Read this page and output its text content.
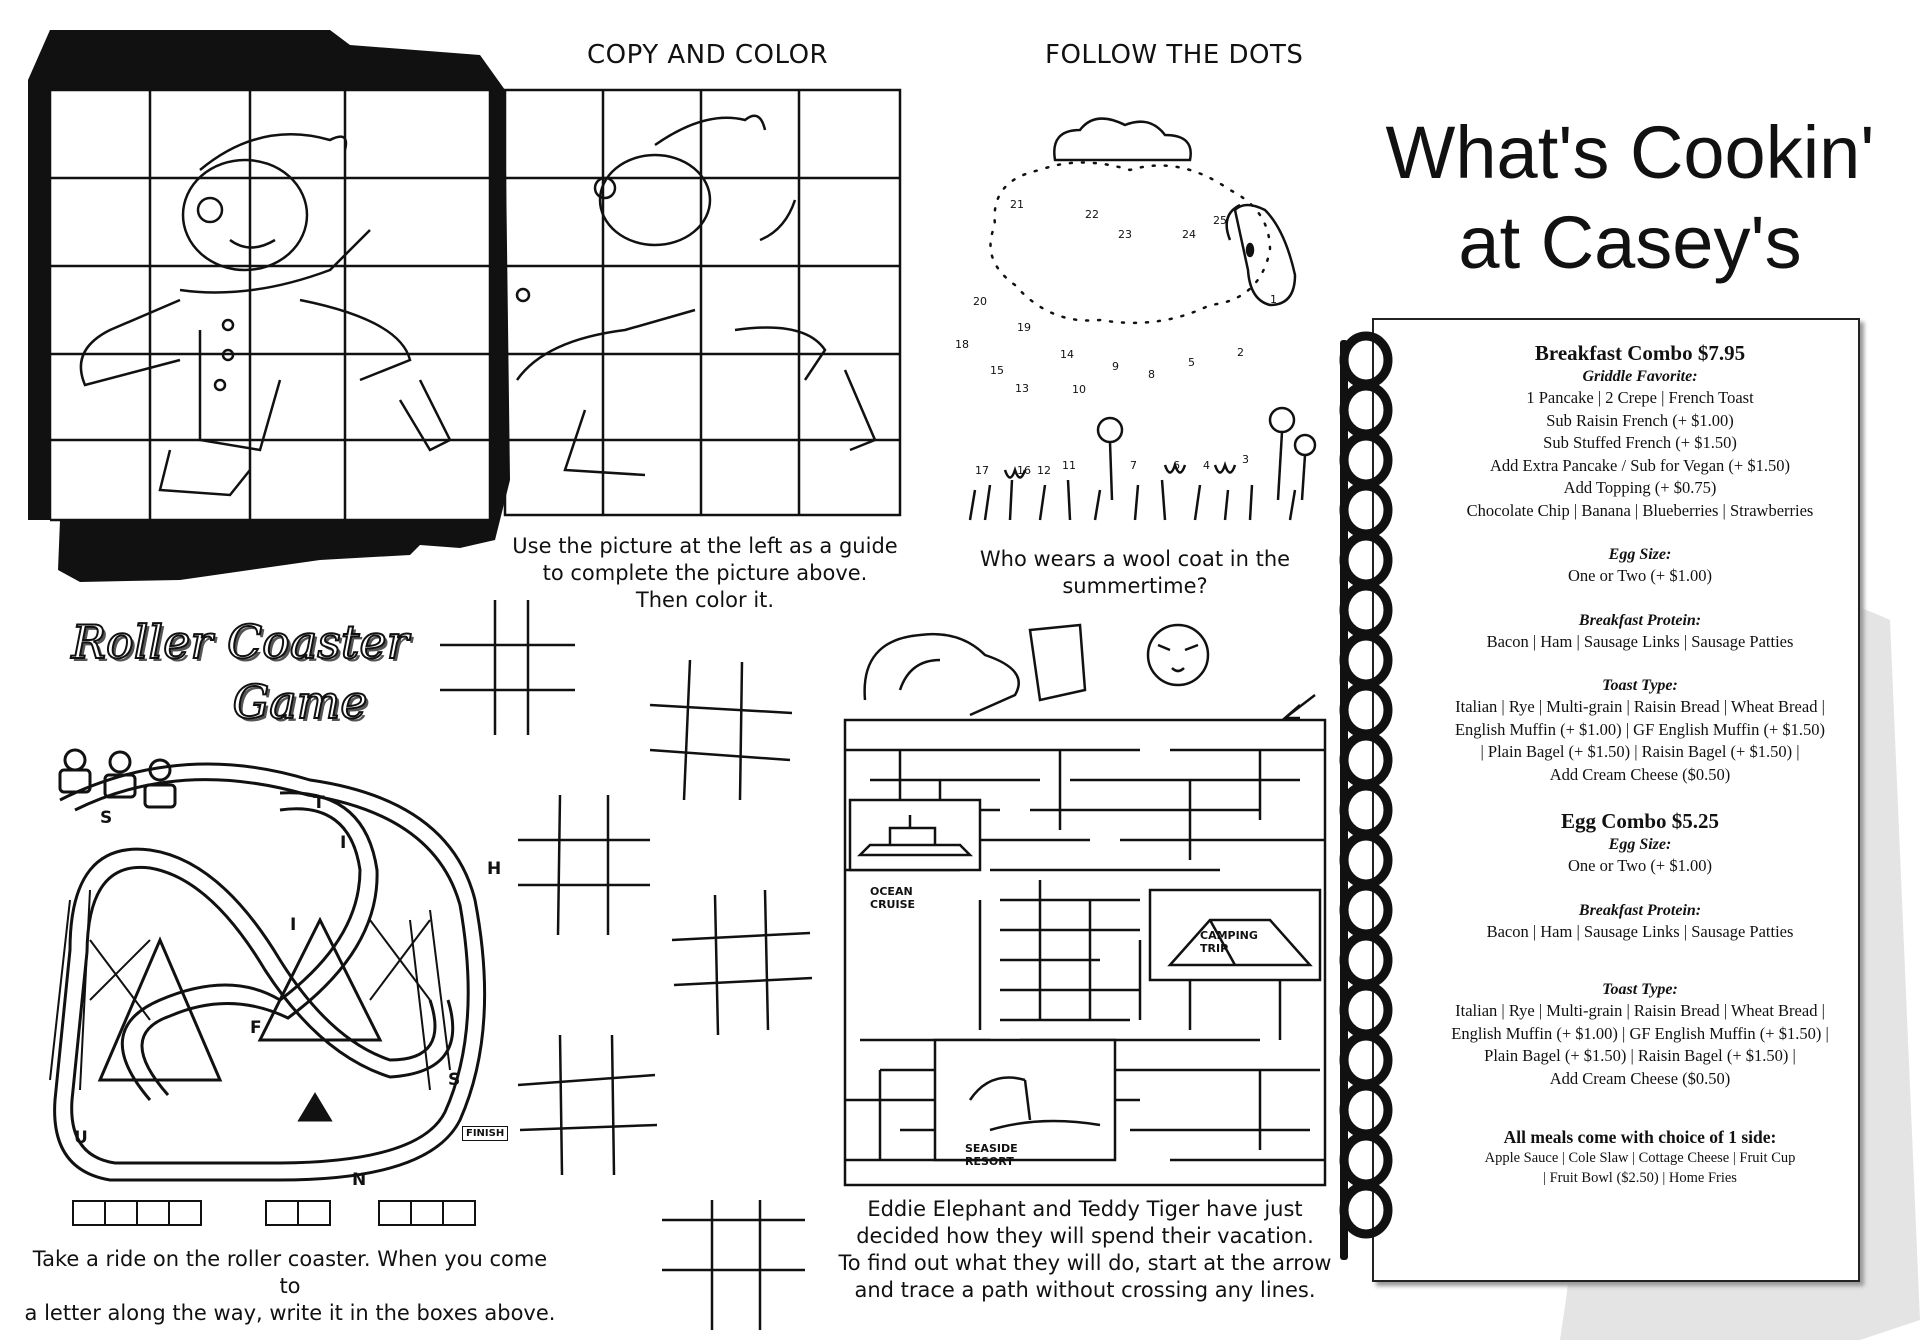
COPY AND COLOR
Use the picture at the left as a guide
to complete the picture above.
Then color it.
FOLLOW THE DOTS
21
22
23	24
25
20
19
18
15
13
14
10
9
8
5
2
1
17	16 12 11	7	6 4	3
Who wears a wool coat in the
summertime?
What's Cookin'
at Casey's
Roller Coaster
Game
S
T
I
H
I
F
S
U
N
FINISH
Take a ride on the roller coaster. When you come to
a letter along the way, write it in the boxes above.
OCEAN CRUISE
CAMPING TRIP
SEASIDE RESORT
Eddie Elephant and Teddy Tiger have just
decided how they will spend their vacation.
To find out what they will do, start at the arrow
and trace a path without crossing any lines.
Breakfast Combo $7.95
Griddle Favorite:
1 Pancake | 2 Crepe | French Toast
Sub Raisin French (+ $1.00)
Sub Stuffed French (+ $1.50)
Add Extra Pancake / Sub for Vegan (+ $1.50)
Add Topping (+ $0.75)
Chocolate Chip | Banana | Blueberries | Strawberries
Egg Size:
One or Two (+ $1.00)
Breakfast Protein:
Bacon | Ham | Sausage Links | Sausage Patties
Toast Type:
Italian | Rye | Multi-grain | Raisin Bread | Wheat Bread |
English Muffin (+ $1.00) | GF English Muffin (+ $1.50)
| Plain Bagel (+ $1.50) | Raisin Bagel (+ $1.50) |
Add Cream Cheese ($0.50)
Egg Combo $5.25
Egg Size:
One or Two (+ $1.00)
Breakfast Protein:
Bacon | Ham | Sausage Links | Sausage Patties
Toast Type:
Italian | Rye | Multi-grain | Raisin Bread | Wheat Bread |
English Muffin (+ $1.00) | GF English Muffin (+ $1.50) |
Plain Bagel (+ $1.50) | Raisin Bagel (+ $1.50) |
Add Cream Cheese ($0.50)
All meals come with choice of 1 side:
Apple Sauce | Cole Slaw | Cottage Cheese | Fruit Cup
| Fruit Bowl ($2.50) | Home Fries
